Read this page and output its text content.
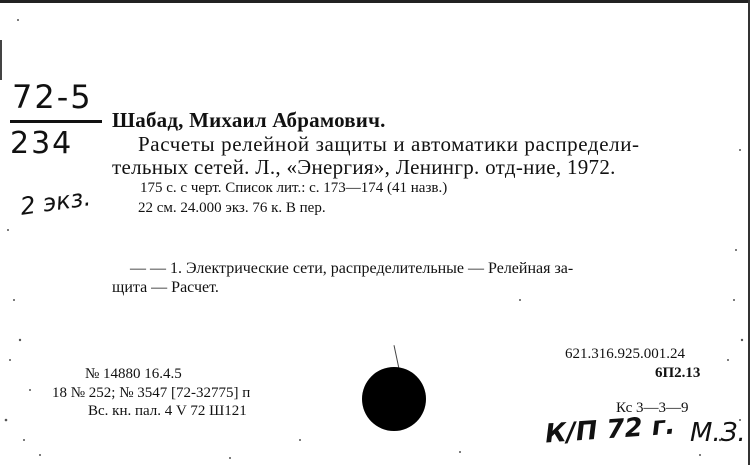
72-5
234
2 экз.
Шабад, Михаил Абрамович.
Расчеты релейной защиты и автоматики распредели-
тельных сетей. Л., «Энергия», Ленингр. отд-ние, 1972.
175 с. с черт. Список лит.: с. 173—174 (41 назв.)
22 см. 24.000 экз. 76 к. В пер.
— — 1. Электрические сети, распределительные — Релейная за-
щита — Расчет.
621.316.925.001.24
6П2.13
Кс 3—3—9
№ 14880 16.4.5
18 № 252; № 3547 [72-32775] п
Вс. кн. пал. 4 V 72 Ш121	К/П 72 г. М.З.
